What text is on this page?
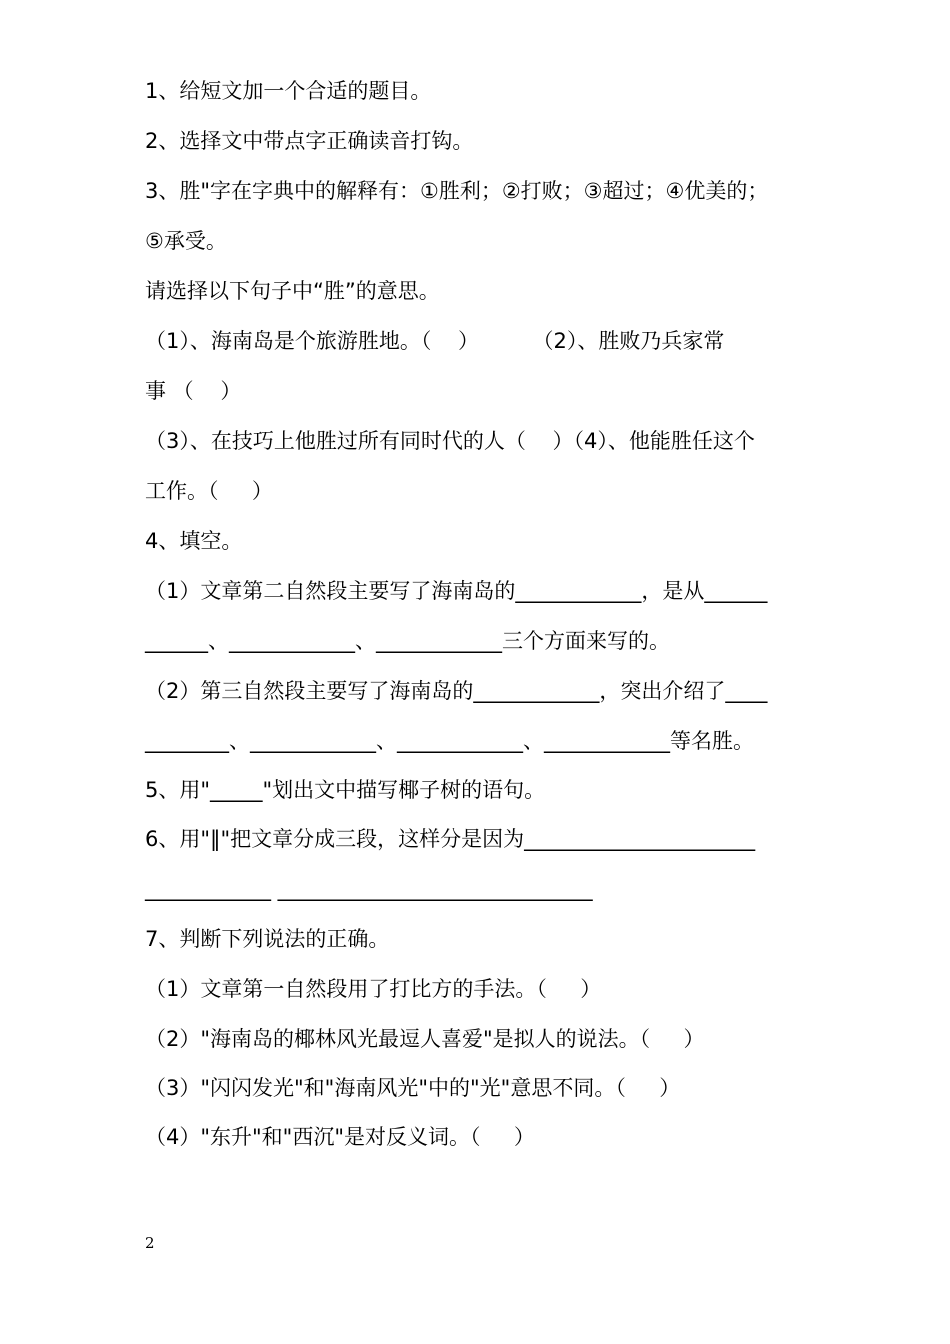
1、给短文加一个合适的题目。
2、选择文中带点字正确读音打钩。
3、胜"字在字典中的解释有：①胜利；②打败；③超过；④优美的；
⑤承受。
请选择以下句子中“胜”的意思。
（1）、海南岛是个旅游胜地。（    ）        （2）、胜败乃兵家常
事 （    ）
（3）、在技巧上他胜过所有同时代的人（    ）（4）、他能胜任这个
工作。（     ）
4、填空。
（1）文章第二自然段主要写了海南岛的____________，是从______
______、____________、____________三个方面来写的。
（2）第三自然段主要写了海南岛的____________，突出介绍了____
________、____________、____________、____________等名胜。
5、用"_____"划出文中描写椰子树的语句。
6、用"‖"把文章分成三段，这样分是因为______________________
____________ ______________________________
7、判断下列说法的正确。
（1）文章第一自然段用了打比方的手法。（     ）
（2）"海南岛的椰林风光最逗人喜爱"是拟人的说法。（     ）
（3）"闪闪发光"和"海南风光"中的"光"意思不同。（     ）
（4）"东升"和"西沉"是对反义词。（     ）
2
